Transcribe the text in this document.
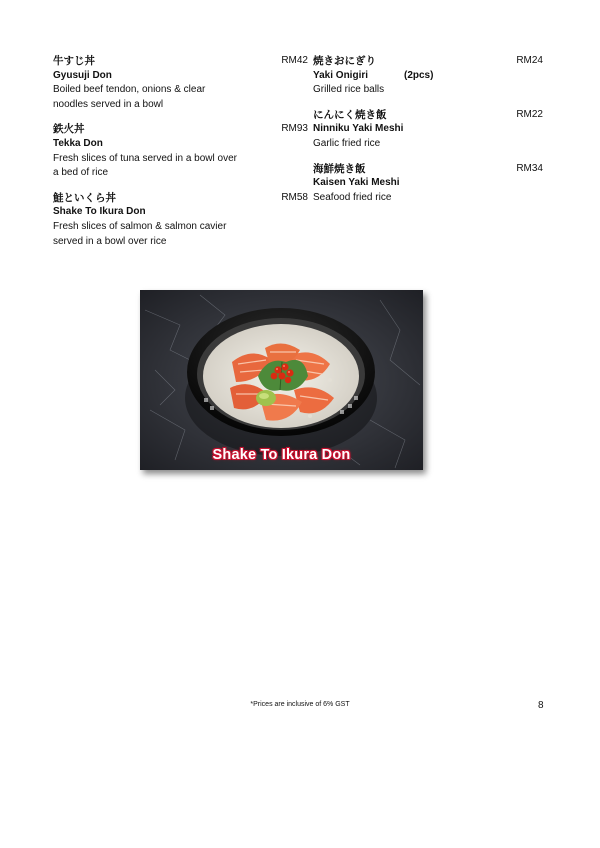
牛すじ丼	RM42
Gyusuji Don
Boiled beef tendon, onions & clear
noodles served in a bowl
鉄火丼	RM93
Tekka Don
Fresh slices of tuna served in a bowl over
a bed of rice
鮭といくら丼	RM58
Shake To Ikura Don
Fresh slices of salmon & salmon cavier
served in a bowl over rice
焼きおにぎり	RM24
Yaki Onigiri	(2pcs)
Grilled rice balls
にんにく焼き飯	RM22
Ninniku Yaki Meshi
Garlic fried rice
海鮮焼き飯	RM34
Kaisen Yaki Meshi
Seafood fried rice
Shake To Ikura Don
*Prices are inclusive of 6% GST	8
